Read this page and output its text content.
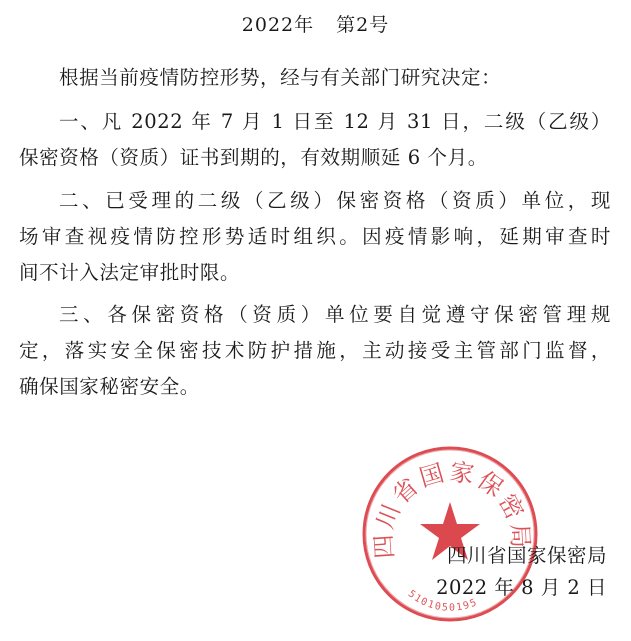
2022年 第2号
根据当前疫情防控形势，经与有关部门研究决定：
一、凡 2022 年 7 月 1 日至 12 月 31 日，二级（乙级）
保密资格（资质）证书到期的，有效期顺延 6 个月。
二、已受理的二级（乙级）保密资格（资质）单位，现
场审查视疫情防控形势适时组织。因疫情影响，延期审查时
间不计入法定审批时限。
三、各保密资格（资质）单位要自觉遵守保密管理规
定，落实安全保密技术防护措施，主动接受主管部门监督，
确保国家秘密安全。
四川省国家保密局
5101050195
四川省国家保密局
2022 年 8 月 2 日
